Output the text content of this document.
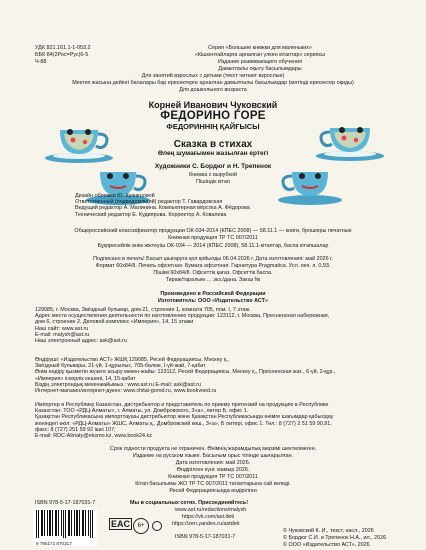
УДК 821.161.1-1-053.2
ББК 84(2Рос=Рус)6-5
Ч-88
Серия «Большие книжки для маленьких»
«Кішкентайларға арналған үлкен кітаптар» сериясы
Издание развивающего обучения
Дамытпалы оқыту басылымдары
Для занятий взрослых с детьми (текст читают взрослые)
Мектеп жасына дейінгі балалары бар ересектерге арналған дамытпалы басылымдар (мәтінді ересектер оқиды)
Для дошкольного возраста
Корней Иванович Чуковский
ФЕДОРИНО ГОРЕ
ФЕДОРИННІҢ ҚАЙҒЫСЫ
Сказка в стихах
Өлең шумағымен жазылған ертегі
Художники С. Бордюг и Н. Трепенок
Книжка с вырубкой
Пішіндік кітап
Дизайн обложки Ю. Кузнецовой
Ответственный (подведомящий) редактор Т. Гавардовская
Ведущий редактор А. Малинина. Компьютерная вёрстка А. Фёдорова
Технический редактор Е. Кудиярова. Корректор А. Ковалева
Общероссийский классификатор продукции ОК-034-2014 (КПЕС 2008) — 58.11.1 — книги, брошюры печатные
Книжная продукция ТР ТС 007/2011
Бұқпресейлік өнім жіктеуіш ОК-034 — 2014 (КПЕС 2008), 58.11.1-кітаптар, баспа кітапшалар
Подписано в печать! Басып шығаруға қол қойылды 06.04.2026 г. Дата изготовления: май 2026 г.
Формат 60х84/8. Печать офсетная. Бумага офсетная. Гарнитура Pragmatica. Усл. печ. л. 0,93.
Пішімі 60х84/8. Офсеттік қағаз. Офсеттік баспа.
Тираж/таралым … экз./дана. Заказ №
Произведено в Российской Федерации
Изготовитель: ООО «Издательство АСТ»
129085, г. Москва, Звёздный бульвар, дом 21, строение 1, комната 705, пом. I, 7 этаж.
Адрес места осуществления деятельности по изготовлению продукции: 123112, г. Москва, Пресненская набережная,
дом 6, строение 2. Деловой комплекс «Империя», 14, 15 этажи
Наш сайт: www.ast.ru
E-mail: malysh@ast.ru
Наш электронный адрес: ask@ast.ru
Өндіруші: «Издательство АСТ» ЖШҚ 129085, Ресей Федерациясы, Мәскеу қ.,
Звёздный бульвары, 21-үй, 1-құрылыс, 705-бөлме, I-үй-жай, 7-қабат
Өнім өндіру қызметін жүзеге асыру мекен-жайы: 123112, Ресей Федерациясы, Мәскеу қ., Пресненская жағ., 6-үй, 2-құр.,
«Империя» іскерлік кешені, 14, 15-қабат
Біздің электрондық мекенжайымыз : www.ast.ru E-mail: ask@ast.ru
Интернет-магазин/интернет-дүкен: www.chitai-gorod.ru, www.bookvoed.ru
Импортер в Республику Казахстан, дистрибьютор и представитель по приему претензий на продукцию в Республике
Казахстан: ТОО «РДЦ-Алматы», г. Алматы, ул. Домбровского, 3«а», литер Б, офис 1.
Қазақстан Республикасына импорттаушы дистрибьютор және Қазақстан Республикасында өнімге шағымдар қабылдау
жөніндегі өкіл: «РДЦ-Алматы» ЖШС, Алматы қ., Домбровский көш., 3«а», Б литері, офис 1. Тел.: 8 (727) 2 51 59 90,91,
факс: 8 (727) 251 59 92 ішкі 107;
E-mail: RDC-Almaty@eksmo.kz, www.book24.kz
Срок годности продукта не ограничен. Өнімнің жарамдылық мерзімі шектелмеген.
Издание на русском языке. Басылым орыс тілінде шығарылған.
Дата изготовления: май 2026.
Өндірілген күні: мамыр 2026.
Книжная продукция ТР ТС 007/2011
Кітап басылымы ЖО ТР ТС 007/2011 талаптарына сай келеді.
Ресей Федерациясында өндірілген
Мы в социальных сетях. Присоединяйтесь!
www.ast.ru/redactions/malysh
https://vk.com/ast.deti
https://zen.yandex.ru/astdeti
ISBN 978-5-17-187031-7
9 785171 870317
EAC	6+
ISBN 978-5-17-187031-7
© Чуковский К. И., текст, насл., 2026
© Бордюг С.И. и Трепенок Н.А., ил., 2026
© ООО «Издательство АСТ», 2026
